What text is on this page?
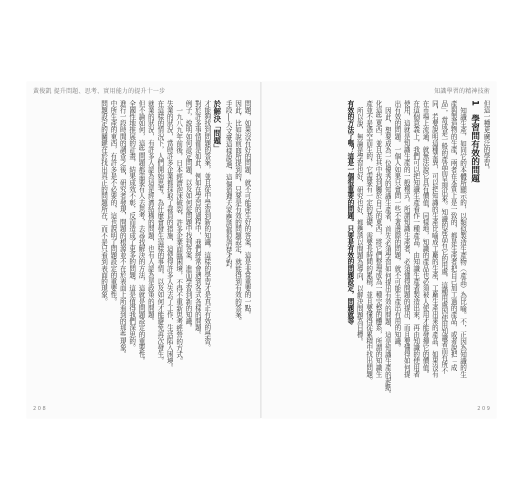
黃俊凱 提升問題、思考、實用能力的提升十一步
問題，如果沒有好的問題，就不可能產生好的答案，這是非常重要的一點。
因此，比如說前面所提到的，只要是有效的問題設定，就能得到有效的答案。
手段──大文豪這樣說過，這個道理大家應該都很清楚才對。
於解決「問題」
才能夠找到問題的答案，並且從中學習到新的知識，這樣的學習才是真正有效的學習。
對於許多事情都是如此，例如在學習的過程中，我們經常會遇到各式各樣的問題。
例子，說明如何設定問題，以及如何從問題中找到答案，進而學習到新的知識。
一九八九年前後，日本經濟泡沫破裂，許多企業面臨困境，不得不重新思考經營的方式。
失業的狀況，當時許多企業都採取了裁員的措施，這使得許多人失去了工作，生活陷入困境。
在這樣的情況下，人們開始思考，為什麼會發生這樣的事情，以及如何才能避免再次發生。
就業的狀況，有許多人認為這是經濟結構的問題，也有人認為是政策的問題。
但不論如何，這些問題都需要有人去思考，去尋找解決的方法，這就是問題設定的重要性。
全國性地推展的計畫，結果成效不彰，反而造成了更多的問題，這是值得我們深思的。
進行一段時間的調查之後，研究者發現，問題的根源並不在於表面上所看到的那些現象。
中所生產的東西，有許多是不必要的，這也說明了問題設定的重要性。
問題設定的關鍵在於找出真正的問題所在，而不是只看到表面的現象。
2 0 8
知識學習的精神技術
但這一種更廣泛的學習。
1　學習問有效的問題
知識生產，如同它的本體所顯示的，以類似製造生產物（產品）為比喻。不，正因為知識的生
產與製造物的生產，兩者在本質上是一致的，都是生產者把自己加工過的產品，或者說把「成
品」，當成是一般的產品而呈現出來。知識的產品有它的用處，這種用處因使用知識者而有所不
同，若要說明這種差異，可以把知識的生產比喻成工廠的生產，工廠生產出來的產品，如果沒有
在市場上流通，就無法說它具有價值，同樣地，知識的產品也必須被人使用才能發揮它的價值。
在這個意義上，我們可以把知識生產看作一種產品，由知識生產者製造出來，再由知識的使用者
使用，這就是知識生產的一般模式。所謂知識生產者，必須懂得問題的提出，而且要懂得如何提
出有效的問題。一個人如果只會問一些不著邊際的問題，就不可能生產出有用的知識。
因此，想要成為一位優秀的知識生產者，首先必須學習如何提出有效的問題，這是知識生產的起點。
化這些東西，並且在其中找到屬於自己的東西，將它們整理成為一種完整的體系，所謂的知識生
產並不是憑空而生的，它需要有一定的基礎，需要長時間的累積，並且要懂得從累積中找出問題。
所以說，無論是學習也好，研究也好，都應該以問題為導向，以解決問題為目標。
有效的方法了嗎？這是一個很重要的問題。只要是有效的問題設定，問題就等
2 0 9
